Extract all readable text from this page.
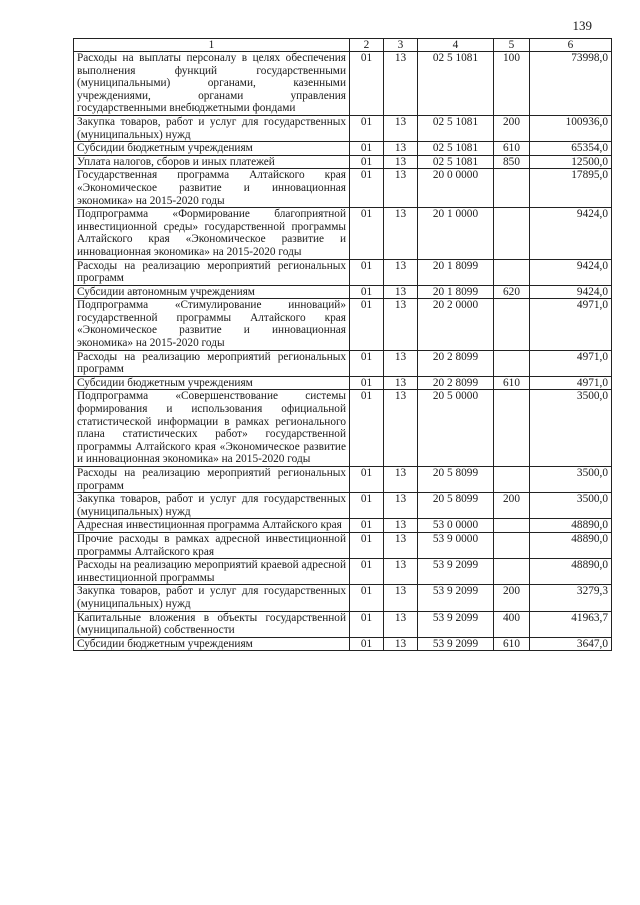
139
1	2	3	4	5	6
Расходы на выплаты персоналу в целях обеспечения выполнения функций государственными (муниципальными) органами, казенными учреждениями, органами управления государственными внебюджетными фондами	01	13	02 5 1081	100	73998,0
Закупка товаров, работ и услуг для государственных (муниципальных) нужд	01	13	02 5 1081	200	100936,0
Субсидии бюджетным учреждениям	01	13	02 5 1081	610	65354,0
Уплата налогов, сборов и иных платежей	01	13	02 5 1081	850	12500,0
Государственная программа Алтайского края «Экономическое развитие и инновационная экономика» на 2015-2020 годы	01	13	20 0 0000		17895,0
Подпрограмма «Формирование благоприятной инвестиционной среды» государственной программы Алтайского края «Экономическое развитие и инновационная экономика» на 2015-2020 годы	01	13	20 1 0000		9424,0
Расходы на реализацию мероприятий региональных программ	01	13	20 1 8099		9424,0
Субсидии автономным учреждениям	01	13	20 1 8099	620	9424,0
Подпрограмма «Стимулирование инноваций» государственной программы Алтайского края «Экономическое развитие и инновационная экономика» на 2015-2020 годы	01	13	20 2 0000		4971,0
Расходы на реализацию мероприятий региональных программ	01	13	20 2 8099		4971,0
Субсидии бюджетным учреждениям	01	13	20 2 8099	610	4971,0
Подпрограмма «Совершенствование системы формирования и использования официальной статистической информации в рамках регионального плана статистических работ» государственной программы Алтайского края «Экономическое развитие и инновационная экономика» на 2015-2020 годы	01	13	20 5 0000		3500,0
Расходы на реализацию мероприятий региональных программ	01	13	20 5 8099		3500,0
Закупка товаров, работ и услуг для государственных (муниципальных) нужд	01	13	20 5 8099	200	3500,0
Адресная инвестиционная программа Алтайского края	01	13	53 0 0000		48890,0
Прочие расходы в рамках адресной инвестиционной программы Алтайского края	01	13	53 9 0000		48890,0
Расходы на реализацию мероприятий краевой адресной инвестиционной программы	01	13	53 9 2099		48890,0
Закупка товаров, работ и услуг для государственных (муниципальных) нужд	01	13	53 9 2099	200	3279,3
Капитальные вложения в объекты государственной (муниципальной) собственности	01	13	53 9 2099	400	41963,7
Субсидии бюджетным учреждениям	01	13	53 9 2099	610	3647,0
